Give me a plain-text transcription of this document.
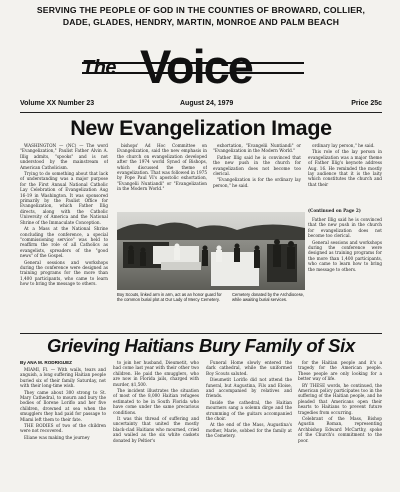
SERVING THE PEOPLE OF GOD IN THE COUNTIES OF BROWARD, COLLIER,
DADE, GLADES, HENDRY, MARTIN, MONROE AND PALM BEACH
The Voice
Volume XX Number 23	August 24, 1979	Price 25c
New Evangelization Image

WASHINGTON — (NC) — The word "Evangelization," Paulist Father Alvin A. Illig admits, "spooks" and is not understood by the mainstream of American Catholicism.

Trying to do something about that lack of understanding was a major purpose for the First Annual National Catholic Lay Celebration of Evangelization Aug 16-19 in Washington. It was sponsored primarily by the Paulist Office for Evangelization, which Father Illig directs, along with the Catholic University of America and the National Shrine of the Immaculate Conception.

At a Mass at the National Shrine concluding the conference, a special "commissioning service" was held to reaffirm the role of all Catholics as evangelists, spreaders of the "good news" of the Gospel.

General sessions and workshops during the conference were designed as training programs for the more than 1,400 participants, who came to learn how to bring the message to others.

bishops' Ad Hoc Committee on Evangelization, said the new emphasis in the church on evangelization developed after the 1974 world Synod of Bishops, which discussed the theme of evangelization. That was followed in 1975 by Pope Paul VI's apostolic exhortation, "Evangelii Nuntiandi" or "Evangelization in the Modern World."

exhortation, "Evangelii Nuntiandi" or "Evangelization in the Modern World."

Father Illig said he is convinced that the new push in the church for evangelization does not become too clerical.

"Evangelization is for the ordinary lay person," he said.

ordinary lay person," he said.

This role of the lay person in evangelization was a major theme of Father Illig's keynote address Aug. 16. He reminded the mostly lay audience that it is the laity which constitutes the church and that their

(Continued on Page 2)
Boy Scouts, linked arm in arm, act as an honor guard for the common burial plot at Our Lady of Mercy Cemetery.
Cemetery donated by the Archdiocese, while awaiting burial services.

Father Illig said he is convinced that the new push in the church for evangelization does not become too clerical.

General sessions and workshops during the conference were designed as training programs for the more than 1,400 participants, who came to learn how to bring the message to others.

Grieving Haitians Bury Family of Six
By ANA M. RODRIGUEZ

MIAMI, Fl. — With wails, tears and anguish, a long suffering Haitian people buried six of their family Saturday, not with their long-time wish.

They came about 300 strong to St. Mary Cathedral, to mourn and bury the bodies of Ilorene Loriflo and her five children, drowned at sea when the smugglers they had paid for passage to Miami left them to their fate.

THE BODIES of two of the children were not recovered.

Eliane was making the journey

to join her husband, Dieumetit, who had come last year with their other two children. He paid the smugglers, who are now in Florida jails, charged with murder, $1,500.

The incident illustrates the situation of most of the 8,000 Haitian refugees estimated to be in South Florida who have come under the same precarious conditions.

It was this thread of suffering and uncertainty that united the mostly black-clad Haitians who mourned, cried and wailed as the six white caskets donated by Peltier's

Funeral Home slowly entered the dark cathedral, while the uniformed Boy Scouts saluted.

Dieumetit Loriflo did not attend the funeral, but Augustina, Fils and Eloise, and accompanied by relatives and friends.

Inside the cathedral, the Haitian mourners sang a solemn dirge and the strumming of the guitars accompanied the choir.

At the end of the Mass, Augustina's mother, Marie, sobbed for the family at the Cemetery.

for the Haitian people and it's a tragedy for the American people. These people are only looking for a better way of life.

BY THESE words, he continued, the American policy participates too in the suffering of the Haitian people, and he pleaded that Americans open their hearts to Haitians to prevent future tragedies from occurring.

Celebrant of the Mass, Bishop Agustin Roman, representing Archbishop Edward McCarthy, spoke of the Church's commitment to the poor.
